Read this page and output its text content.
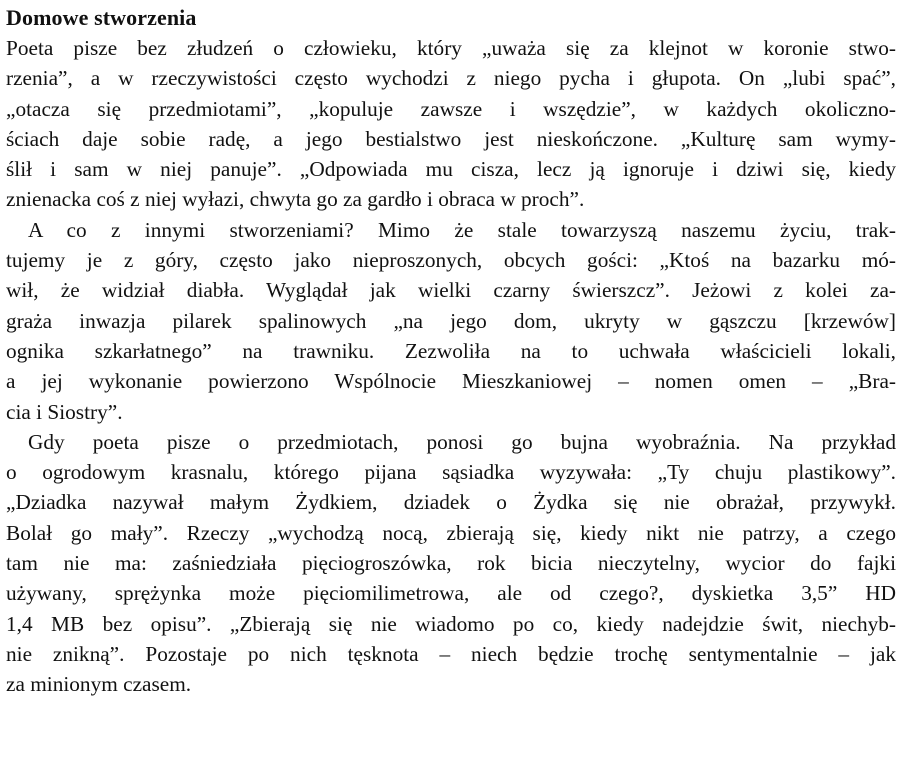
Domowe stworzenia
Poeta pisze bez złudzeń o człowieku, który „uważa się za klejnot w koronie stwo-
rzenia”, a w rzeczywistości często wychodzi z niego pycha i głupota. On „lubi spać”,
„otacza się przedmiotami”, „kopuluje zawsze i wszędzie”, w każdych okoliczno-
ściach daje sobie radę, a jego bestialstwo jest nieskończone. „Kulturę sam wymy-
ślił i sam w niej panuje”. „Odpowiada mu cisza, lecz ją ignoruje i dziwi się, kiedy
znienacka coś z niej wyłazi, chwyta go za gardło i obraca w proch”.
A co z innymi stworzeniami? Mimo że stale towarzyszą naszemu życiu, trak-
tujemy je z góry, często jako nieproszonych, obcych gości: „Ktoś na bazarku mó-
wił, że widział diabła. Wyglądał jak wielki czarny świerszcz”. Jeżowi z kolei za-
graża inwazja pilarek spalinowych „na jego dom, ukryty w gąszczu [krzewów]
ognika szkarłatnego” na trawniku. Zezwoliła na to uchwała właścicieli lokali,
a jej wykonanie powierzono Wspólnocie Mieszkaniowej – nomen omen – „Bra-
cia i Siostry”.
Gdy poeta pisze o przedmiotach, ponosi go bujna wyobraźnia. Na przykład
o ogrodowym krasnalu, którego pijana sąsiadka wyzywała: „Ty chuju plastikowy”.
„Dziadka nazywał małym Żydkiem, dziadek o Żydka się nie obrażał, przywykł.
Bolał go mały”. Rzeczy „wychodzą nocą, zbierają się, kiedy nikt nie patrzy, a czego
tam nie ma: zaśniedziała pięciogroszówka, rok bicia nieczytelny, wycior do fajki
używany, sprężynka może pięciomilimetrowa, ale od czego?, dyskietka 3,5” HD
1,4 MB bez opisu”. „Zbierają się nie wiadomo po co, kiedy nadejdzie świt, niechyb-
nie znikną”. Pozostaje po nich tęsknota – niech będzie trochę sentymentalnie – jak
za minionym czasem.
